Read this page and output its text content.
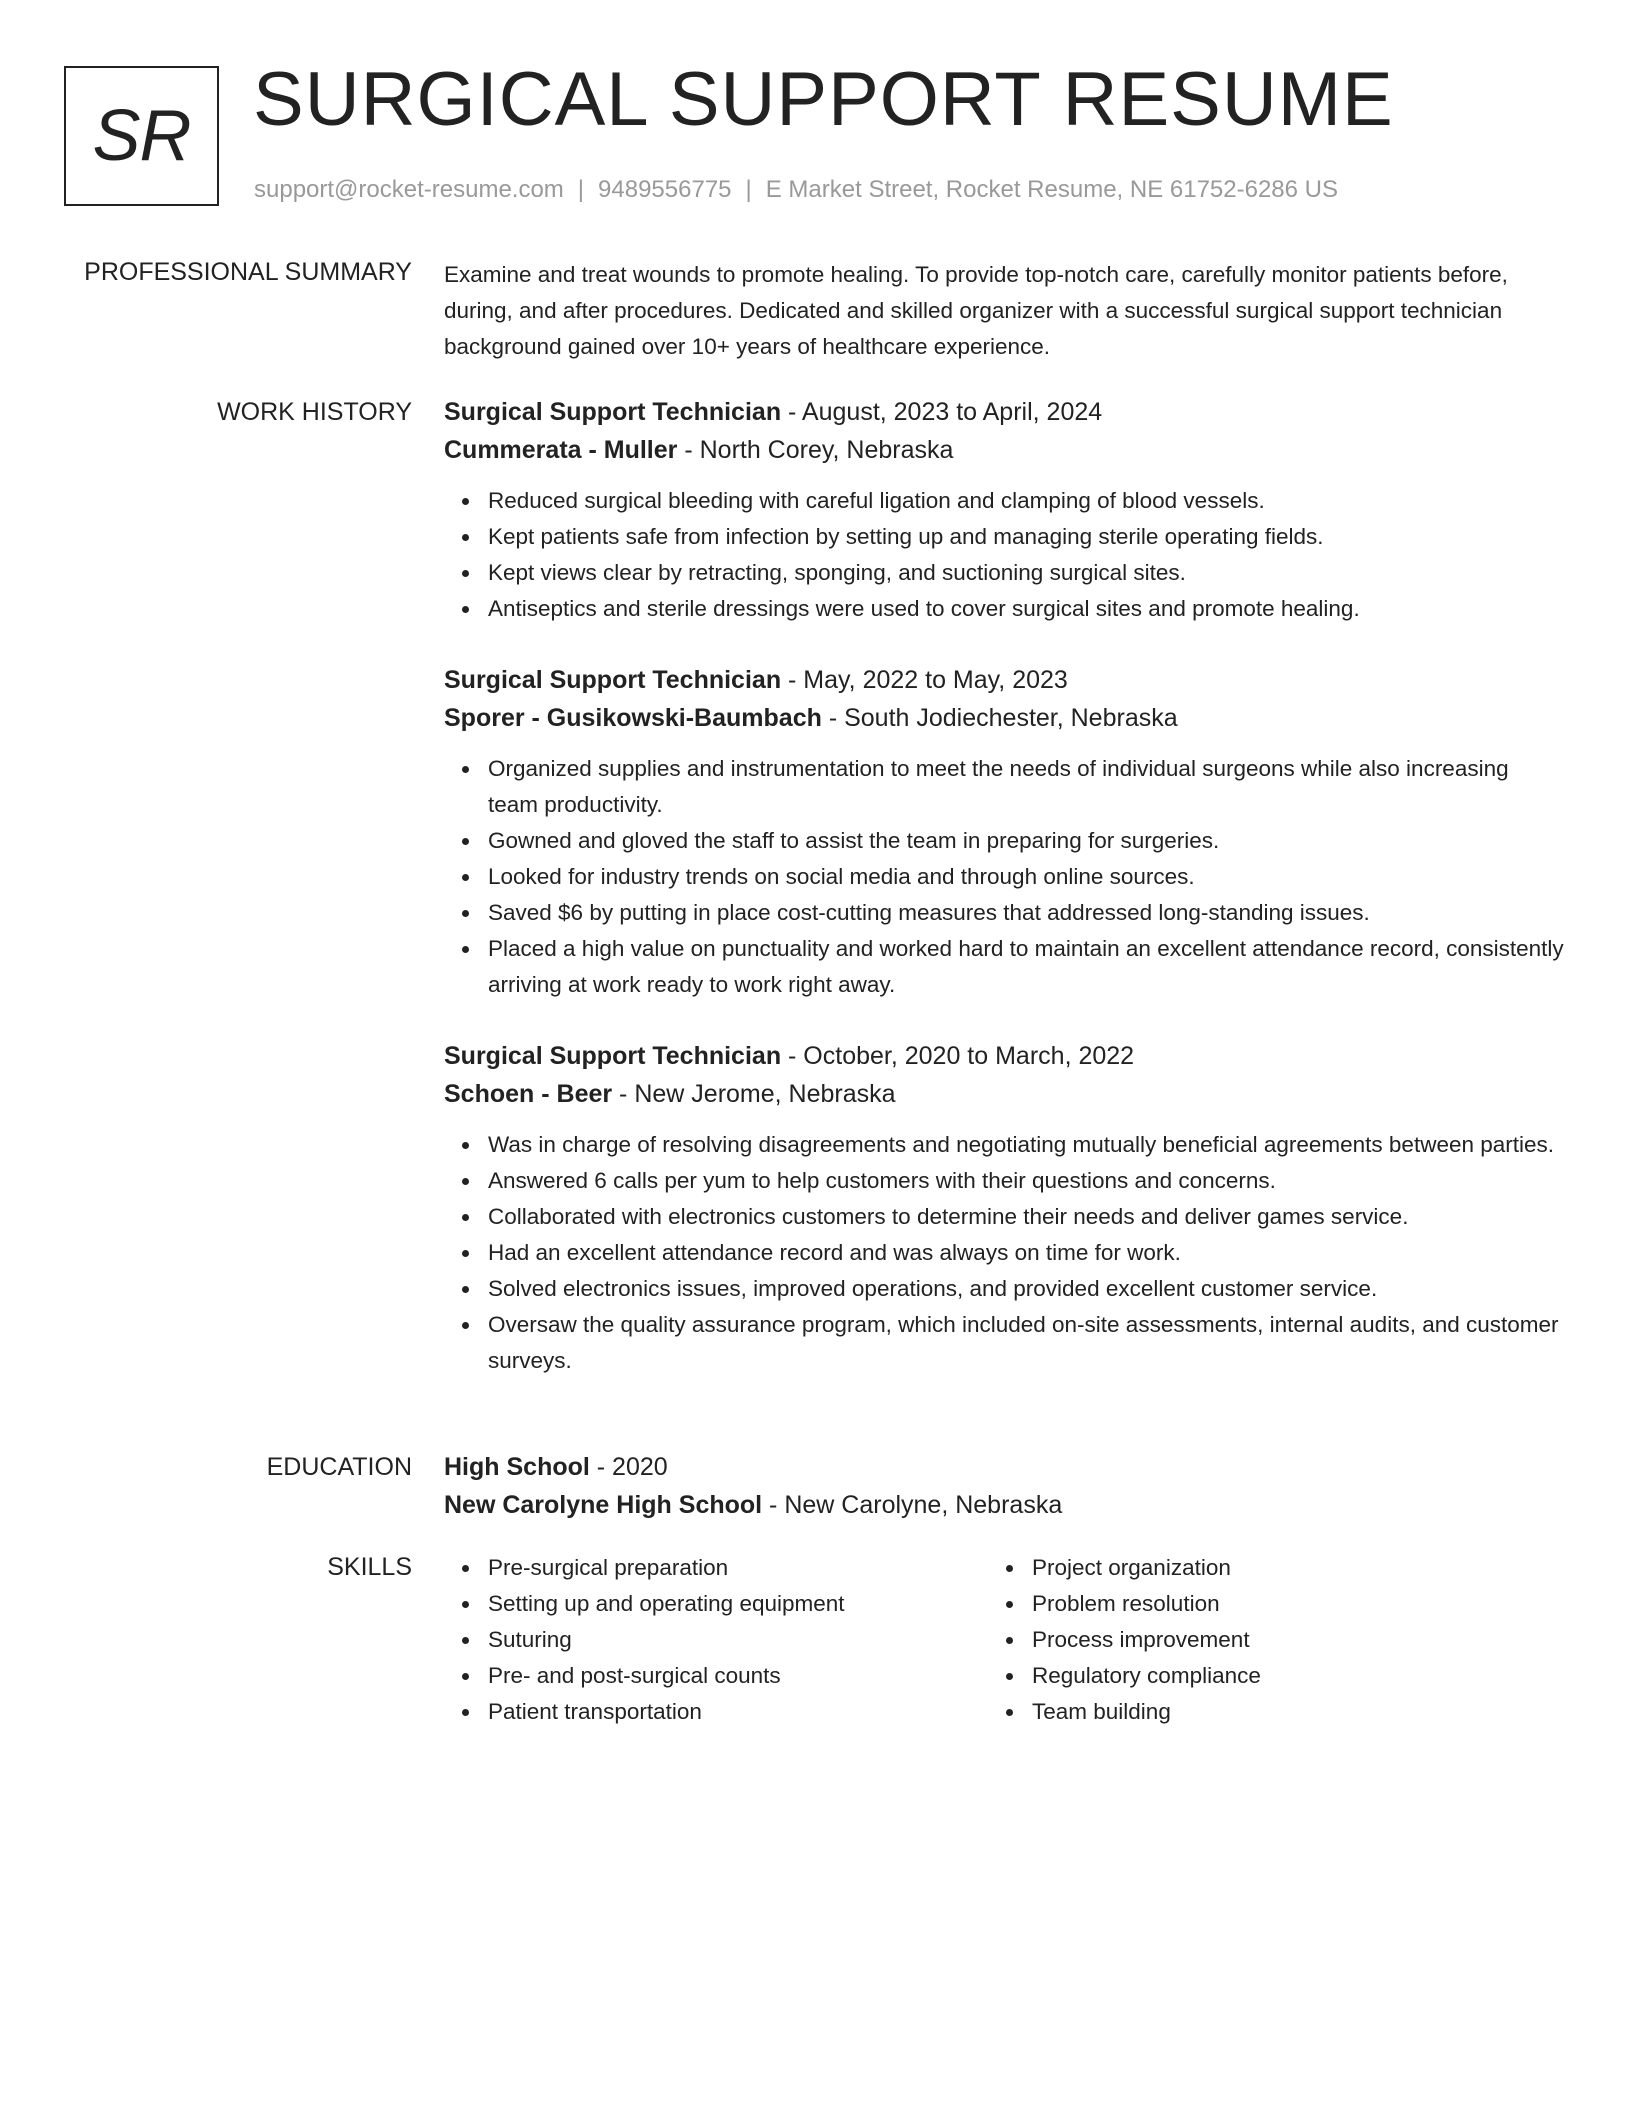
SR SURGICAL SUPPORT RESUME
support@rocket-resume.com | 9489556775 | E Market Street, Rocket Resume, NE 61752-6286 US
PROFESSIONAL SUMMARY Examine and treat wounds to promote healing. To provide top-notch care, carefully monitor patients before, during, and after procedures. Dedicated and skilled organizer with a successful surgical support technician background gained over 10+ years of healthcare experience.

WORK HISTORY Surgical Support Technician - August, 2023 to April, 2024

Cummerata - Muller - North Corey, Nebraska

Reduced surgical bleeding with careful ligation and clamping of blood vessels.
Kept patients safe from infection by setting up and managing sterile operating fields.
Kept views clear by retracting, sponging, and suctioning surgical sites.
Antiseptics and sterile dressings were used to cover surgical sites and promote healing.

Surgical Support Technician - May, 2022 to May, 2023

Sporer - Gusikowski-Baumbach - South Jodiechester, Nebraska

Organized supplies and instrumentation to meet the needs of individual surgeons while also increasing team productivity.
Gowned and gloved the staff to assist the team in preparing for surgeries.
Looked for industry trends on social media and through online sources.
Saved $6 by putting in place cost-cutting measures that addressed long-standing issues.
Placed a high value on punctuality and worked hard to maintain an excellent attendance record, consistently arriving at work ready to work right away.

Surgical Support Technician - October, 2020 to March, 2022

Schoen - Beer - New Jerome, Nebraska

Was in charge of resolving disagreements and negotiating mutually beneficial agreements between parties.
Answered 6 calls per yum to help customers with their questions and concerns.
Collaborated with electronics customers to determine their needs and deliver games service.
Had an excellent attendance record and was always on time for work.
Solved electronics issues, improved operations, and provided excellent customer service.
Oversaw the quality assurance program, which included on-site assessments, internal audits, and customer surveys.
EDUCATION High School - 2020

New Carolyne High School - New Carolyne, Nebraska

SKILLS	Pre-surgical preparation
Setting up and operating equipment
Suturing
Pre- and post-surgical counts
Patient transportation
Project organization
Problem resolution
Process improvement
Regulatory compliance
Team building
